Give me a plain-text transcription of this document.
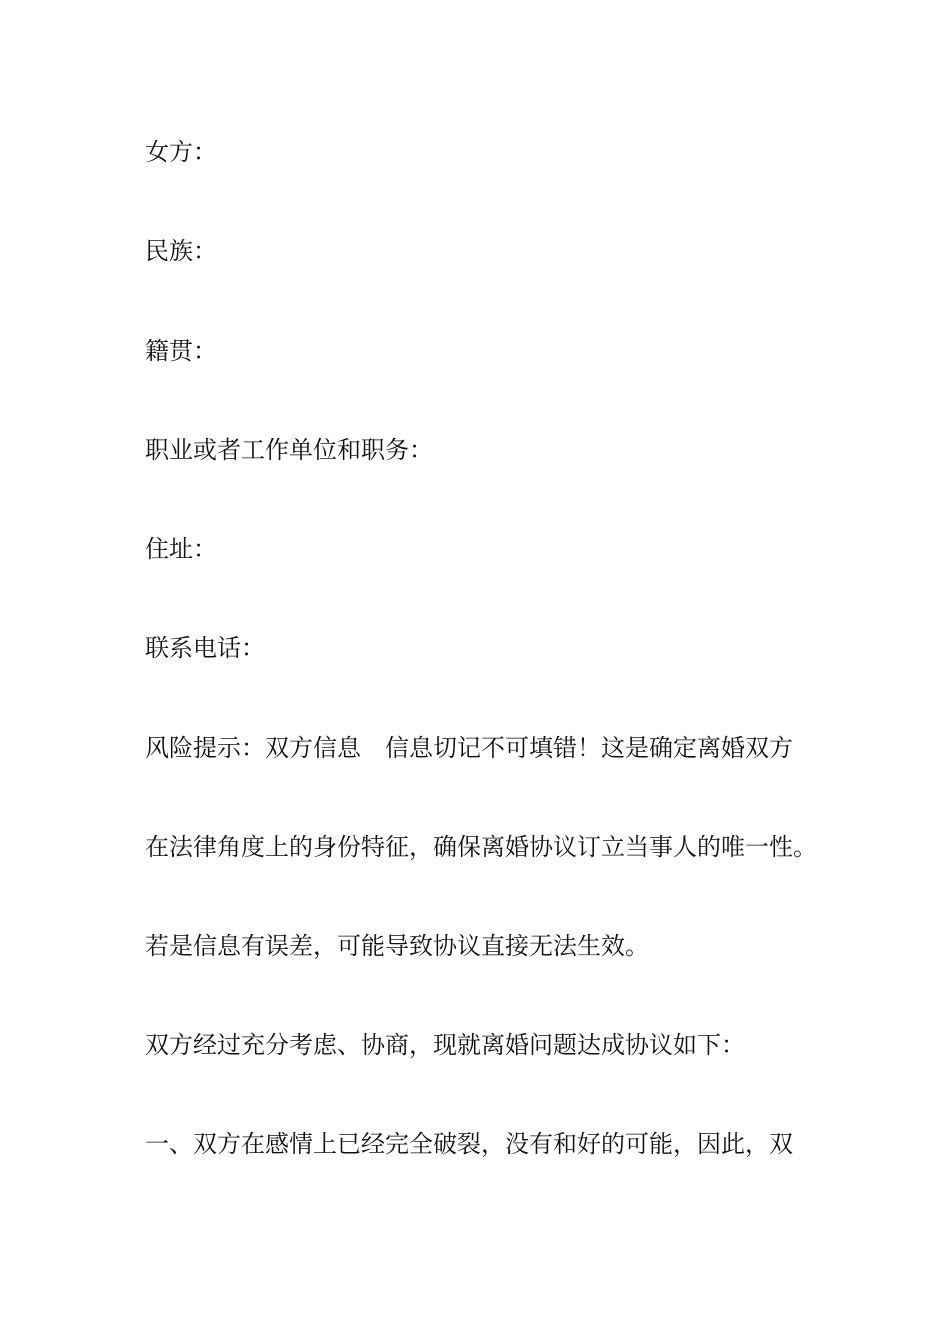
女方：

民族：

籍贯：

职业或者工作单位和职务：

住址：

联系电话：

风险提示：双方信息　信息切记不可填错！这是确定离婚双方

在法律角度上的身份特征，确保离婚协议订立当事人的唯一性。

若是信息有误差，可能导致协议直接无法生效。

双方经过充分考虑、协商，现就离婚问题达成协议如下：

一、双方在感情上已经完全破裂，没有和好的可能，因此，双
